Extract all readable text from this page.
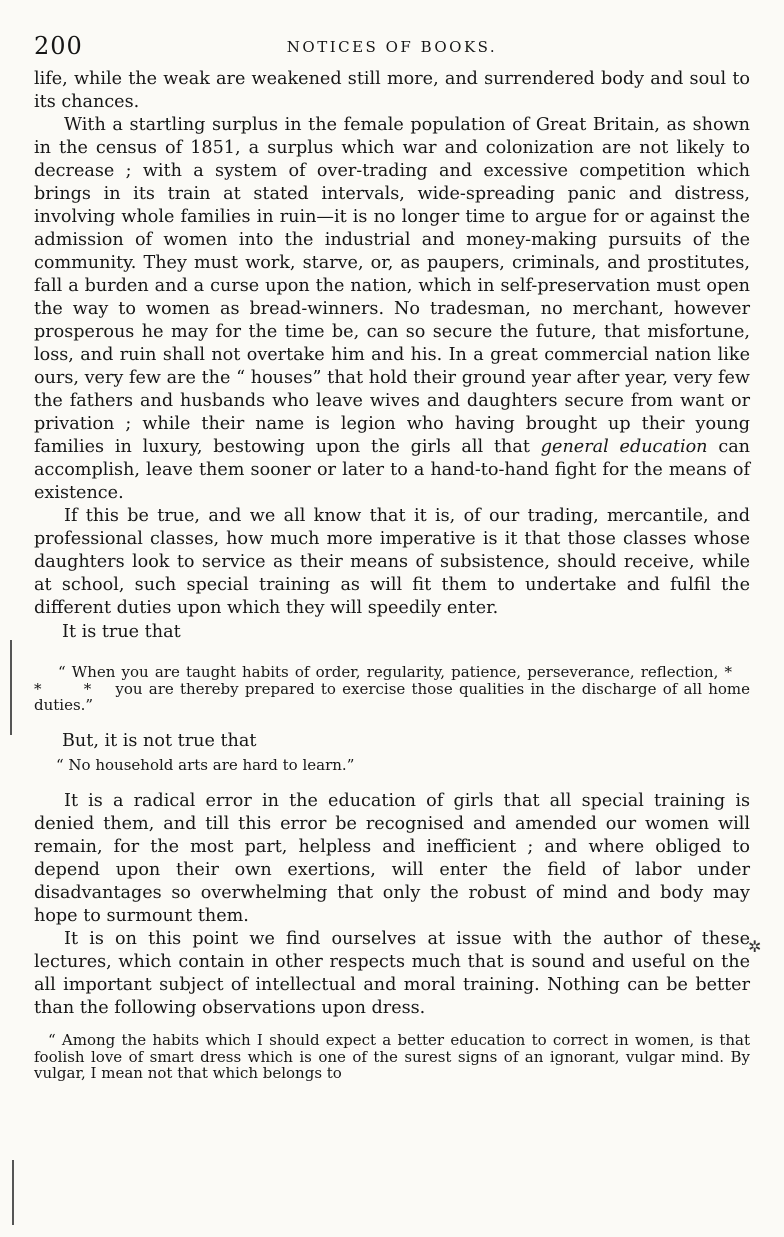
200	NOTICES OF BOOKS.

life, while the weak are weakened still more, and surrendered body and soul to its chances.

With a startling surplus in the female population of Great Britain, as shown in the census of 1851, a surplus which war and colonization are not likely to decrease ; with a system of over-trading and excessive competition which brings in its train at stated intervals, wide-spreading panic and distress, involving whole families in ruin—it is no longer time to argue for or against the admission of women into the industrial and money-making pursuits of the community. They must work, starve, or, as paupers, criminals, and prostitutes, fall a burden and a curse upon the nation, which in self-preservation must open the way to women as bread-winners. No tradesman, no merchant, however prosperous he may for the time be, can so secure the future, that misfortune, loss, and ruin shall not overtake him and his. In a great commercial nation like ours, very few are the “ houses” that hold their ground year after year, very few the fathers and husbands who leave wives and daughters secure from want or privation ; while their name is legion who having brought up their young families in luxury, bestowing upon the girls all that general education can accomplish, leave them sooner or later to a hand-to-hand fight for the means of existence.

If this be true, and we all know that it is, of our trading, mercantile, and professional classes, how much more imperative is it that those classes whose daughters look to service as their means of subsistence, should receive, while at school, such special training as will fit them to undertake and fulfil the different duties upon which they will speedily enter.

It is true that

“ When you are taught habits of order, regularity, patience, perseverance, reflection, * * * you are thereby prepared to exercise those qualities in the discharge of all home duties.”

But, it is not true that

“ No household arts are hard to learn.”

It is a radical error in the education of girls that all special training is denied them, and till this error be recognised and amended our women will remain, for the most part, helpless and inefficient ; and where obliged to depend upon their own exertions, will enter the field of labor under disadvantages so overwhelming that only the robust of mind and body may hope to surmount them.

It is on this point we find ourselves at issue with the author of these lectures, which contain in other respects much that is sound and useful on the all important subject of intellectual and moral training. Nothing can be better than the following observations upon dress.

“ Among the habits which I should expect a better education to correct in women, is that foolish love of smart dress which is one of the surest signs of an ignorant, vulgar mind. By vulgar, I mean not that which belongs to

✲
